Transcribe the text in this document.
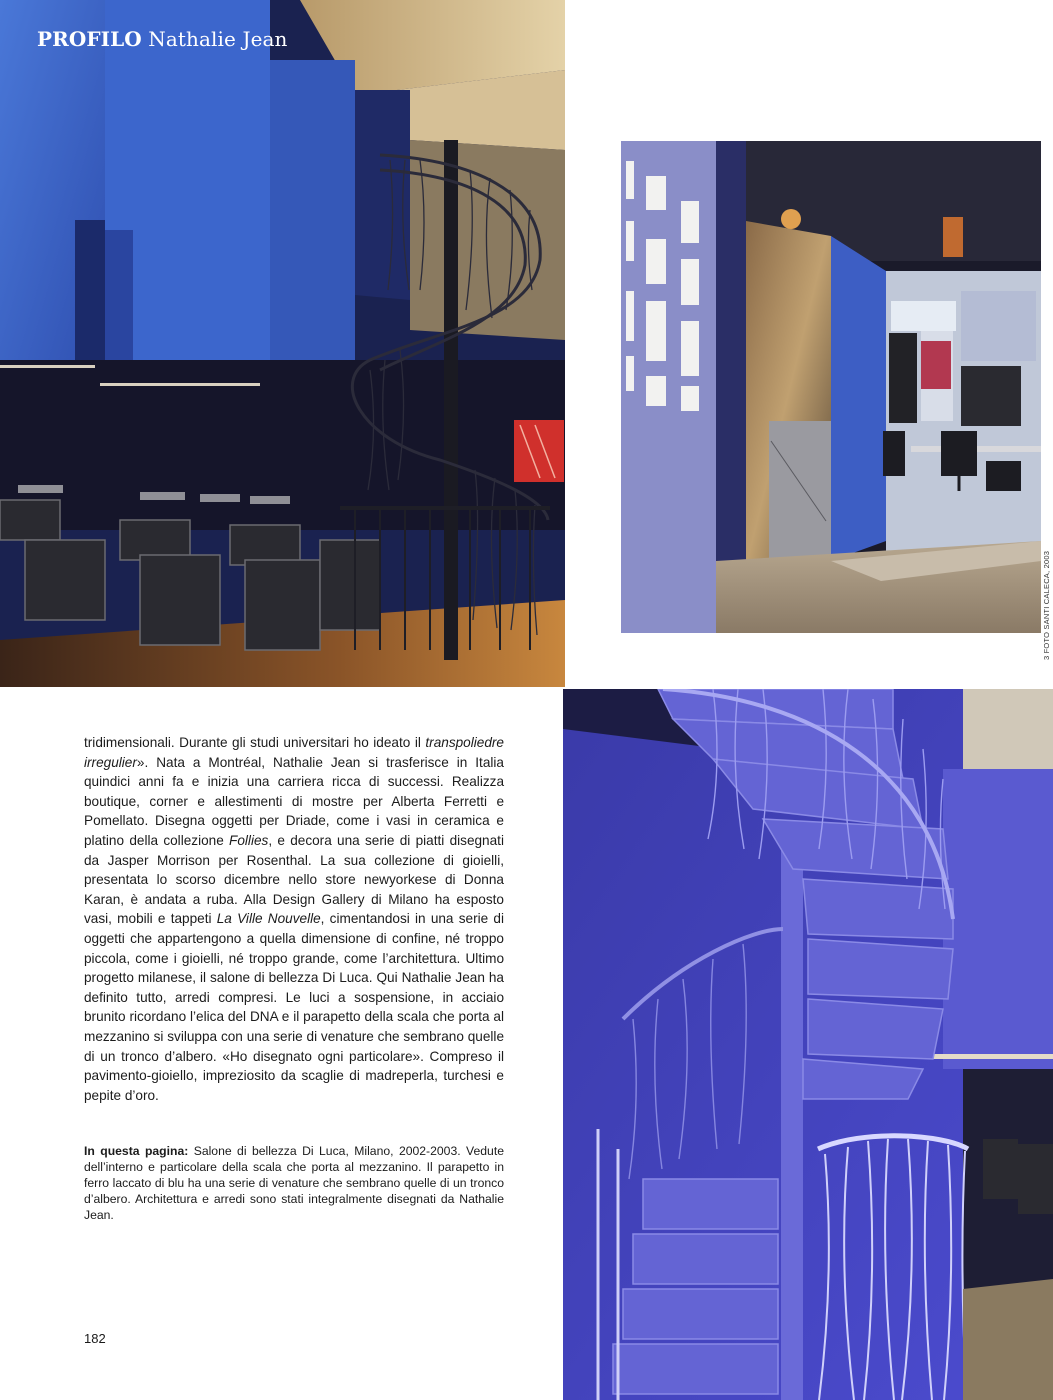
PROFILO Nathalie Jean
3 FOTO SANTI CALECA, 2003

tridimensionali. Durante gli studi universitari ho ideato il transpoliedre irregulier». Nata a Montréal, Nathalie Jean si trasferisce in Italia quindici anni fa e inizia una carriera ricca di successi. Realizza boutique, corner e allestimenti di mostre per Alberta Ferretti e Pomellato. Disegna oggetti per Driade, come i vasi in ceramica e platino della collezione Follies, e decora una serie di piatti disegnati da Jasper Morrison per Rosenthal. La sua collezione di gioielli, presentata lo scorso dicembre nello store newyorkese di Donna Karan, è andata a ruba. Alla Design Gallery di Milano ha esposto vasi, mobili e tappeti La Ville Nouvelle, cimentandosi in una serie di oggetti che appartengono a quella dimensione di confine, né troppo piccola, come i gioielli, né troppo grande, come l’architettura. Ultimo progetto milanese, il salone di bellezza Di Luca. Qui Nathalie Jean ha definito tutto, arredi compresi. Le luci a sospensione, in acciaio brunito ricordano l’elica del DNA e il parapetto della scala che porta al mezzanino si sviluppa con una serie di venature che sembrano quelle di un tronco d’albero. «Ho disegnato ogni particolare». Compreso il pavimento-gioiello, impreziosito da scaglie di madreperla, turchesi e pepite d’oro.

In questa pagina: Salone di bellezza Di Luca, Milano, 2002-2003. Vedute dell’interno e particolare della scala che porta al mezzanino. Il parapetto in ferro laccato di blu ha una serie di venature che sembrano quelle di un tronco d’albero. Architettura e arredi sono stati integralmente disegnati da Nathalie Jean.
182
